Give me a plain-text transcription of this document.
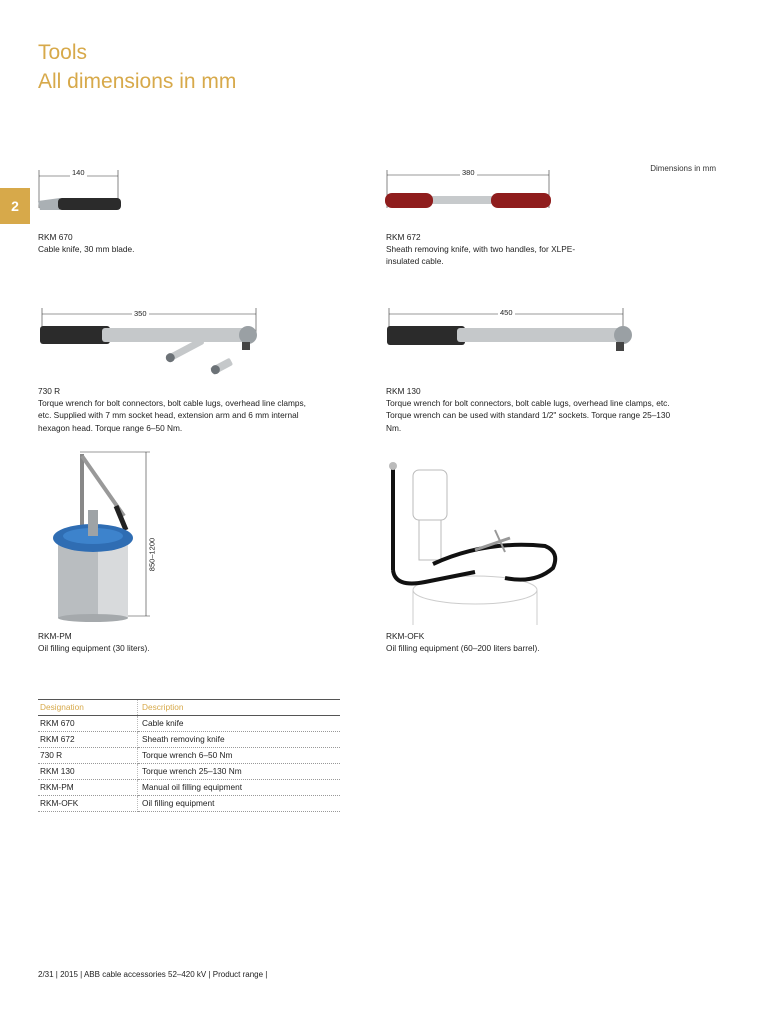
Tools
All dimensions in mm
2
Dimensions in mm
140
RKM 670
Cable knife, 30 mm blade.
380
RKM 672
Sheath removing knife, with two handles, for XLPE-insulated cable.
350
730 R
Torque wrench for bolt connectors, bolt cable lugs, overhead line clamps, etc. Supplied with 7 mm socket head, extension arm and 6 mm internal hexagon head. Torque range 6–50 Nm.
450
RKM 130
Torque wrench for bolt connectors, bolt cable lugs, overhead line clamps, etc. Torque wrench can be used with standard 1/2" sockets. Torque range 25–130 Nm.
850–1200
RKM-PM
Oil filling equipment (30 liters).
RKM-OFK
Oil filling equipment (60–200 liters barrel).
Designation	Description
RKM 670	Cable knife
RKM 672	Sheath removing knife
730 R	Torque wrench 6–50 Nm
RKM 130	Torque wrench 25–130 Nm
RKM-PM	Manual oil filling equipment
RKM-OFK	Oil filling equipment
2/31 | 2015 | ABB cable accessories 52–420 kV | Product range |
